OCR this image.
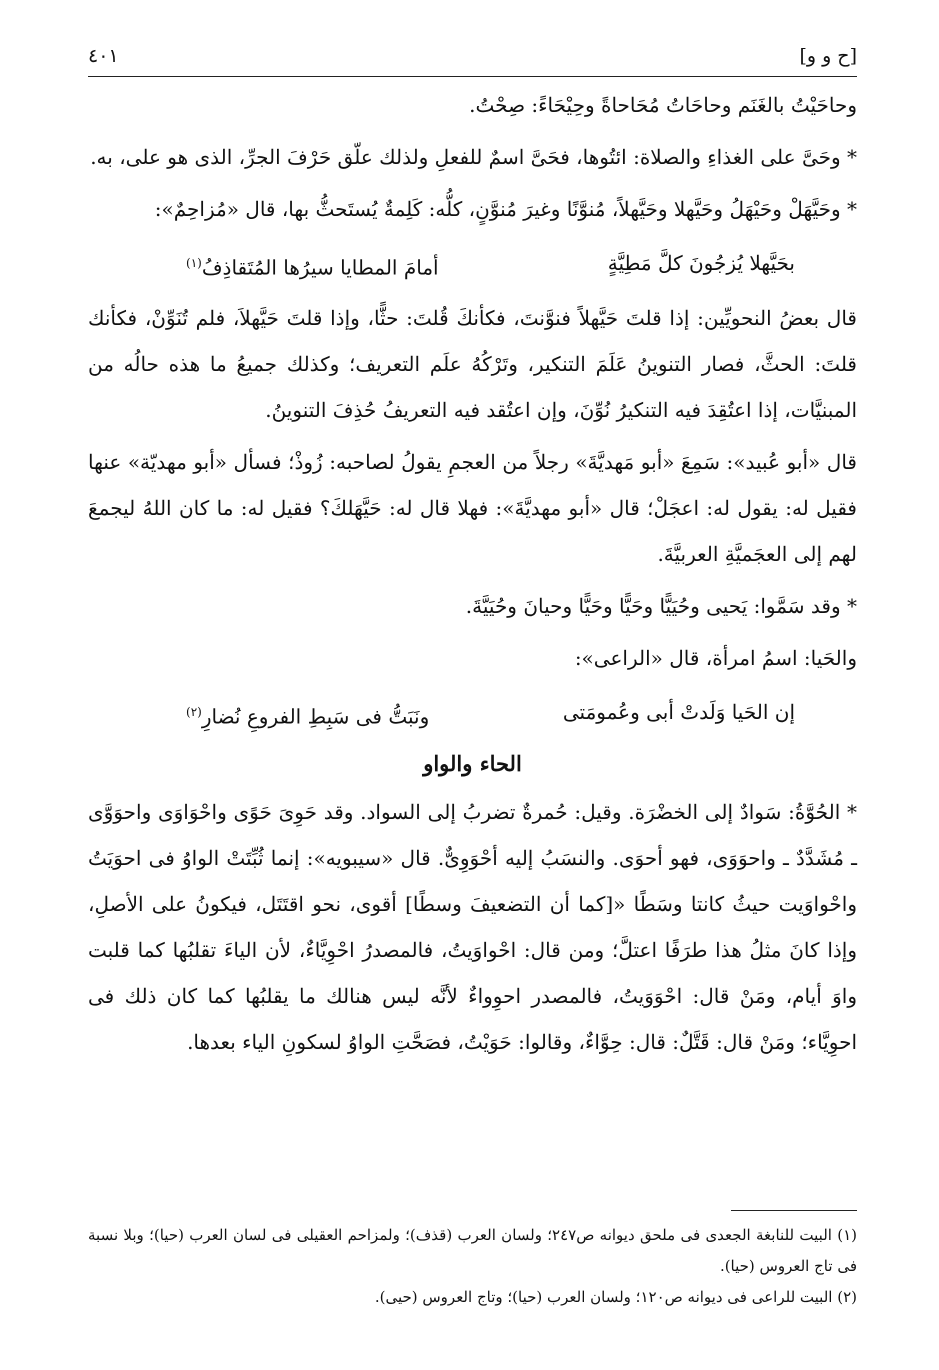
[ح و و]
٤٠١

وحاحَيْتُ بالغَنَم وحاحَاتُ مُحَاحاةً وحِيْحَاءً: صِحْتُ.

* وحَىَّ على الغذاءِ والصلاة: ائتُوها، فحَىَّ اسمٌ للفعلِ ولذلك علّق حَرْفَ الجرِّ، الذى هو على، به.

* وحَيَّهَلْ وحَيْهَلُ وحَيَّهلا وحَيَّهلاً، مُنوَّنًا وغيرَ مُنوَّنٍ، كلُّه: كَلِمةٌ يُستَحثُّ بها، قال «مُزاحِمٌ»:

بحَيَّهلا يُزجُونَ كلَّ مَطِيَّةٍ
أمامَ المطايا سيرُها المُتَقاذِفُ$^{(١)}$

قال بعضُ النحويِّين: إذا قلتَ حَيَّهلاً فنوَّنتَ، فكأنكَ قُلتَ: حثًّا، وإذا قلتَ حَيَّهلاَ، فلم تُنَوِّنْ، فكأنك قلتَ: الحثَّ، فصار التنوينُ عَلَمَ التنكير، وتَرْكُهُ علَم التعريف؛ وكذلك جميعُ ما هذه حالُه من المبنيَّات، إذا اعتُقِدَ فيه التنكيرُ نُوِّنَ، وإن اعتُقد فيه التعريفُ حُذِفَ التنوينُ.

قال «أبو عُبيد»: سَمِعَ «أبو مَهديَّةَ» رجلاً من العجمِ يقولُ لصاحبه: زُوذْ؛ فسأل «أبو مهديّة» عنها فقيل له: يقول له: اعجَلْ؛ قال «أبو مهديَّةَ»: فهلا قال له: حَيَّهَلكَ؟ فقيل له: ما كان اللهُ ليجمعَ لهم إلى العجَميَّةِ العربيَّةَ.

* وقد سَمَّوا: يَحيى وحُيَيًّا وحَيًّا وحَيًّا وحيانَ وحُيَيَّةَ.

والحَيا: اسمُ امرأة، قال «الراعى»:

إن الحَيا وَلَدتْ أبى وعُمومَتى
ونَبَتُّ فى سَبِطِ الفروعِ نُضارِ$^{(٢)}$
الحاء والواو

* الحُوَّةُ: سَوادٌ إلى الخضْرَة. وقيل: حُمرةٌ تضربُ إلى السواد. وقد حَوِىَ حَوًى واحْوَاوَى واحوَوَّى ـ مُشَدَّدٌ ـ واحوَوَى، فهو أحوَى. والنسَبُ إليه أحْوَوِىٌّ. قال «سيبويه»: إنما ثُبِّتَتْ الواوُ فى احوَيَتُ واحْواوَيت حيثُ كانتا وسَطًا «[كما أن التضعيفَ وسطًا] أقوى، نحو اقتَتَل، فيكونُ على الأصلِ، وإذا كانَ مثلُ هذا طرَفًا اعتلَّ؛ ومن قال: احْواوَيتُ، فالمصدرُ احْوِيَّاءٌ، لأن الياءَ تقلبُها كما قلبت واوَ أيام، ومَنْ قال: احْوَوَيتُ، فالمصدر احوِواءٌ لأنَّه ليس هنالك ما يقلبُها كما كان ذلك فى احوِيَّاء؛ ومَنْ قال: قَتَّلٌ: قال: حِوَّاءٌ، وقالوا: حَوَيْتُ، فصَحَّتِ الواوُ لسكونِ الياء بعدها.

(١) البيت للنابغة الجعدى فى ملحق ديوانه ص٢٤٧؛ ولسان العرب (قذف)؛ ولمزاحم العقيلى فى لسان العرب (حيا)؛ وبلا نسبة فى تاج العروس (حيا).

(٢) البيت للراعى فى ديوانه ص١٢٠؛ ولسان العرب (حيا)؛ وتاج العروس (حيى).
